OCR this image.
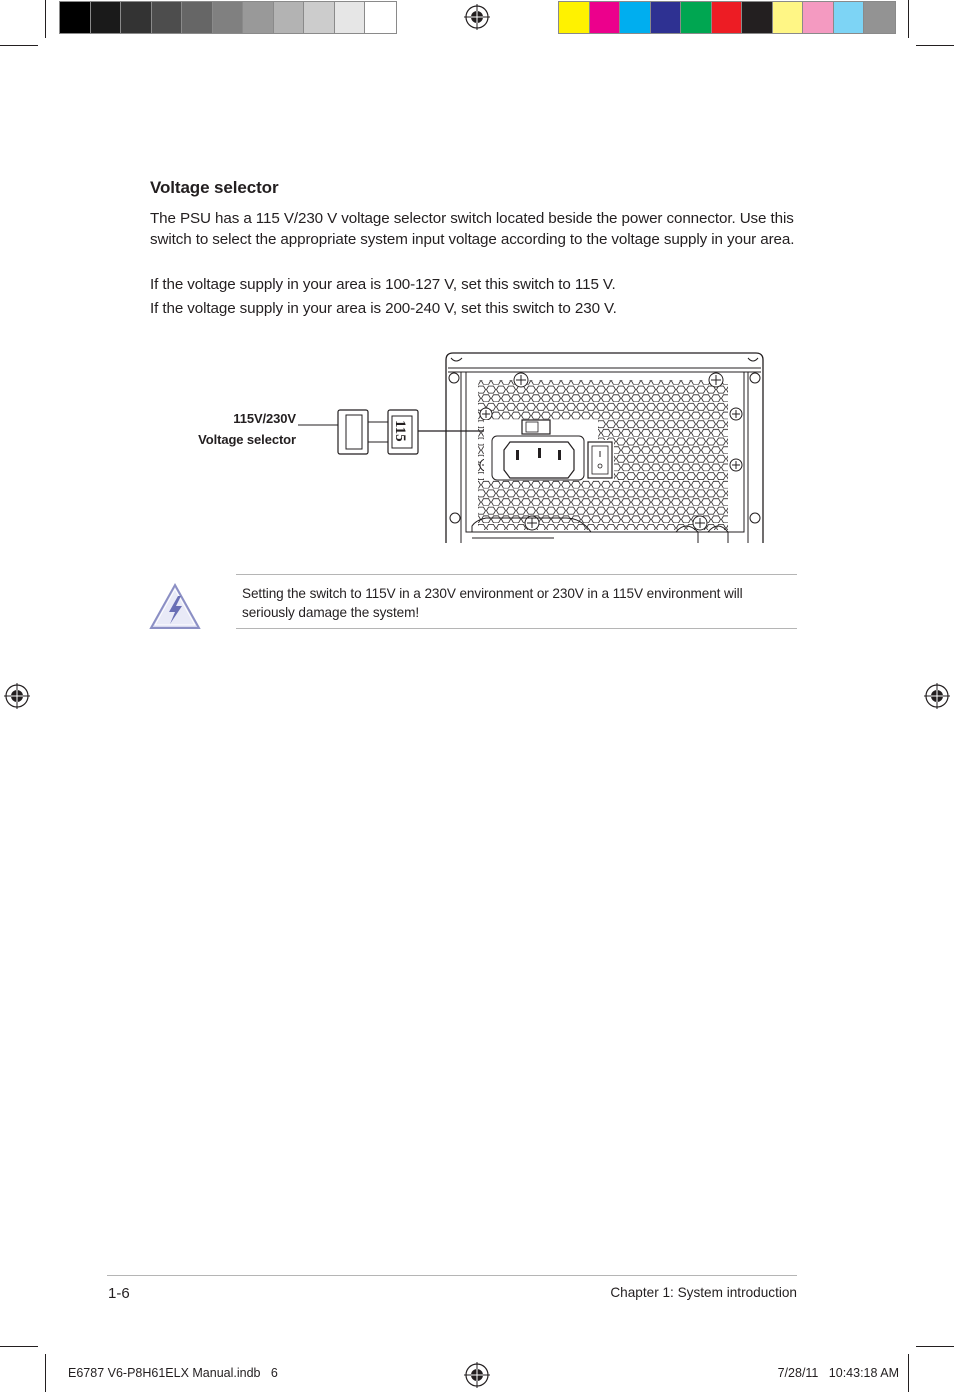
Voltage selector
The PSU has a 115 V/230 V voltage selector switch located beside the power connector. Use this switch to select the appropriate system input voltage according to the voltage supply in your area.
If the voltage supply in your area is 100-127 V, set this switch to 115 V.
If the voltage supply in your area is 200-240 V, set this switch to 230 V.
115V/230V
Voltage selector	115
Setting the switch to 115V in a 230V environment or 230V in a 115V environment will seriously damage the system!
1-6	Chapter 1: System introduction
E6787 V6-P8H61ELX Manual.indb   6	7/28/11   10:43:18 AM
